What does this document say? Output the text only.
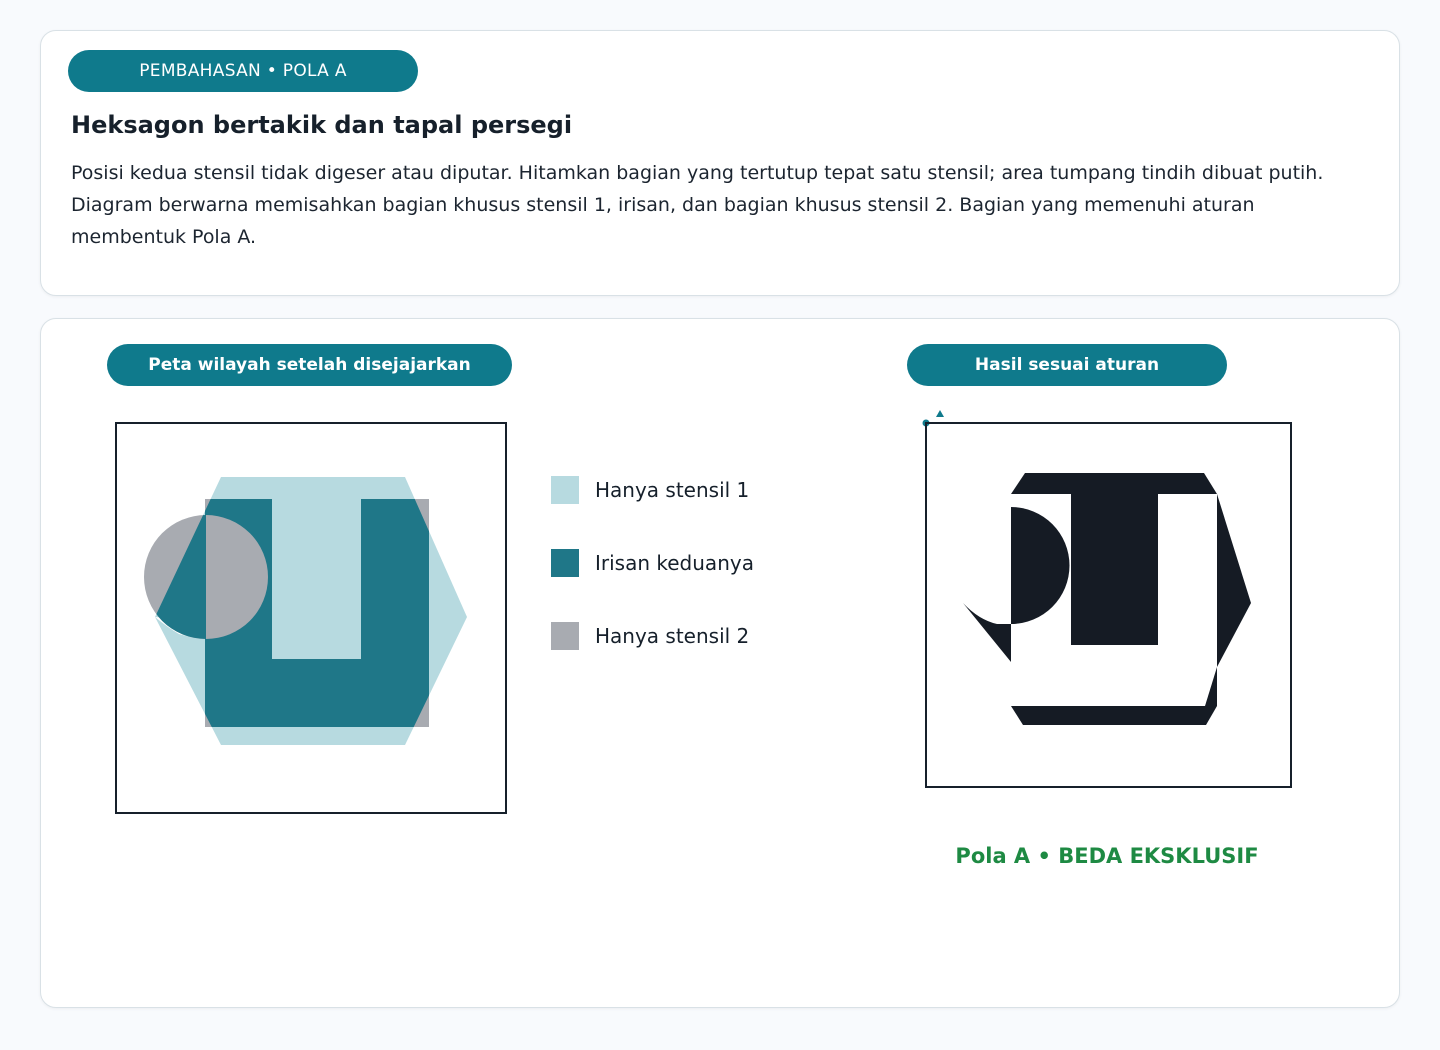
PEMBAHASAN • POLA A
Heksagon bertakik dan tapal persegi

Posisi kedua stensil tidak digeser atau diputar. Hitamkan bagian yang tertutup tepat satu stensil; area tumpang tindih dibuat putih. Diagram berwarna memisahkan bagian khusus stensil 1, irisan, dan bagian khusus stensil 2. Bagian yang memenuhi aturan membentuk Pola A.

Peta wilayah setelah disejajarkan
Hanya stensil 1
Irisan keduanya
Hanya stensil 2
Hasil sesuai aturan
Pola A • BEDA EKSKLUSIF
